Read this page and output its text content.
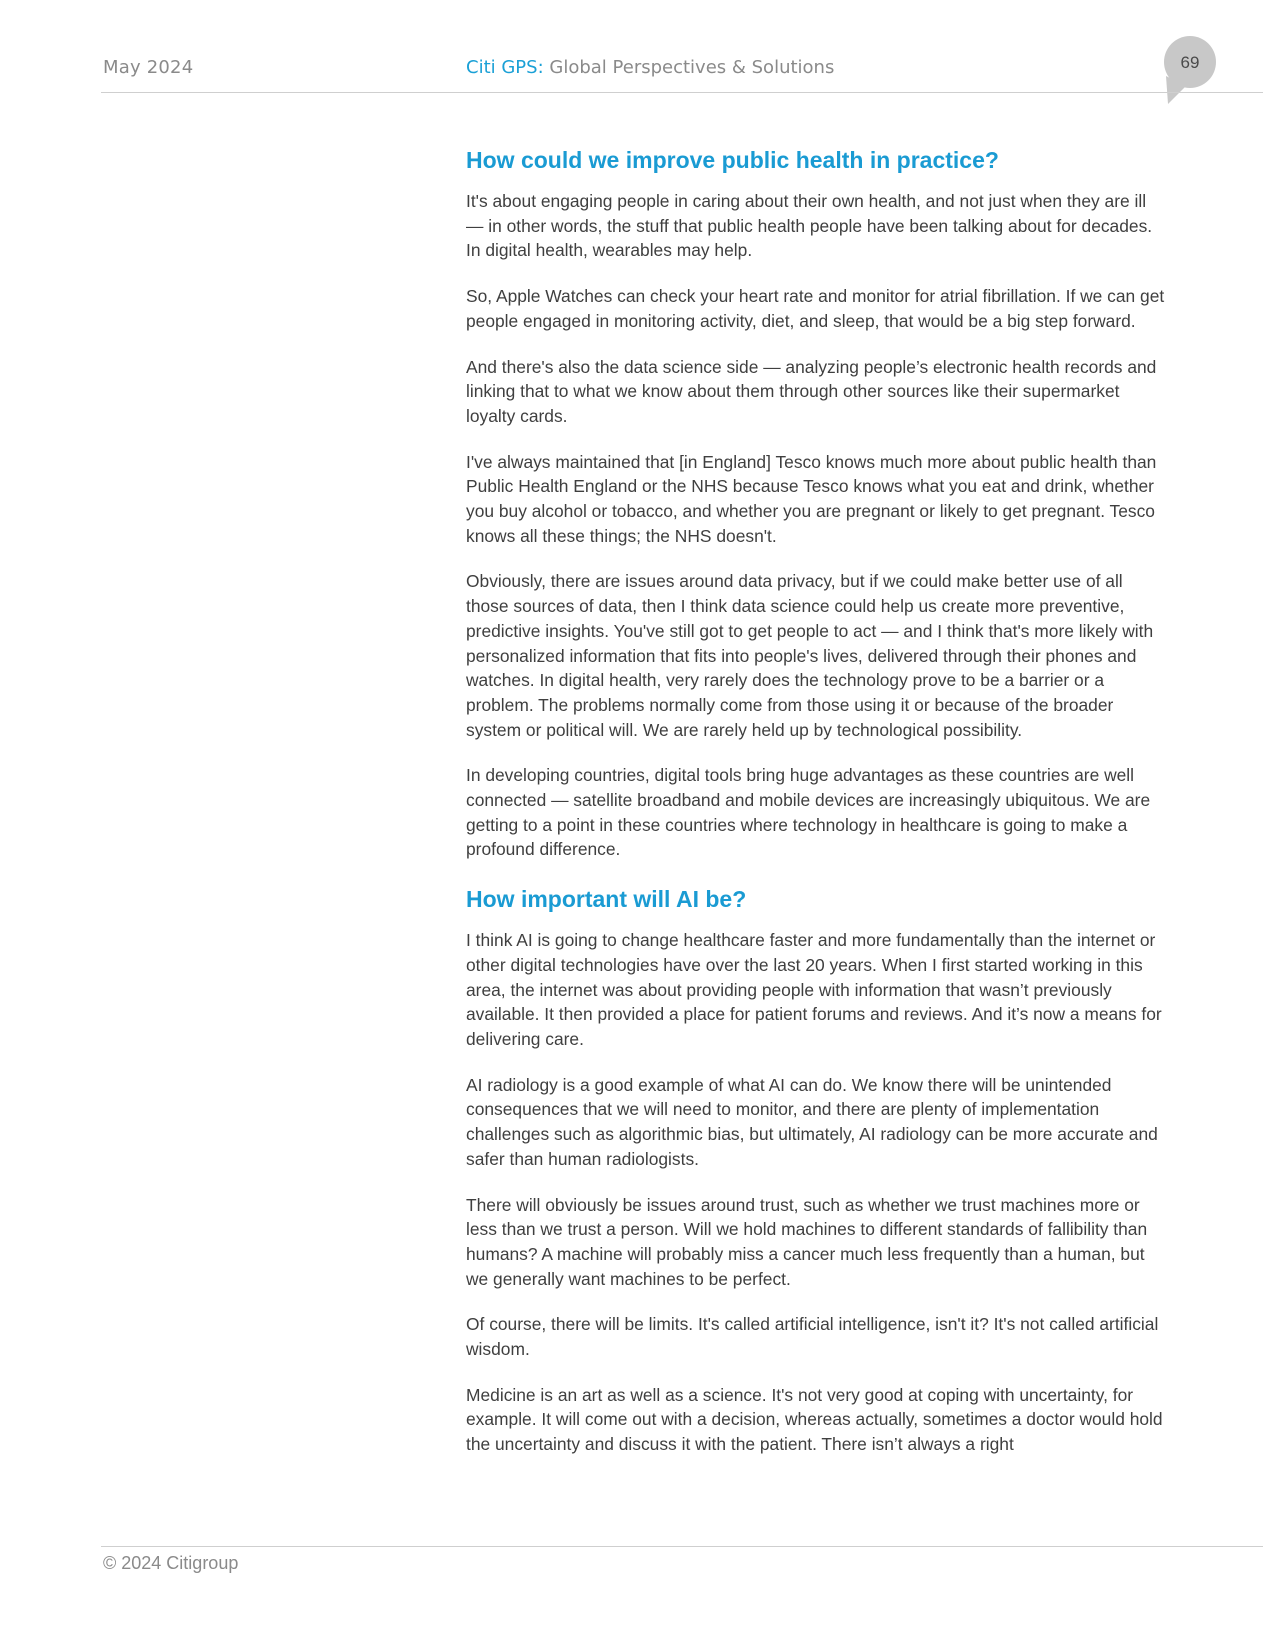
May 2024	Citi GPS: Global Perspectives & Solutions	69
How could we improve public health in practice?

It's about engaging people in caring about their own health, and not just when they are ill — in other words, the stuff that public health people have been talking about for decades. In digital health, wearables may help.

So, Apple Watches can check your heart rate and monitor for atrial fibrillation. If we can get people engaged in monitoring activity, diet, and sleep, that would be a big step forward.

And there's also the data science side — analyzing people’s electronic health records and linking that to what we know about them through other sources like their supermarket loyalty cards.

I've always maintained that [in England] Tesco knows much more about public health than Public Health England or the NHS because Tesco knows what you eat and drink, whether you buy alcohol or tobacco, and whether you are pregnant or likely to get pregnant. Tesco knows all these things; the NHS doesn't.

Obviously, there are issues around data privacy, but if we could make better use of all those sources of data, then I think data science could help us create more preventive, predictive insights. You've still got to get people to act — and I think that's more likely with personalized information that fits into people's lives, delivered through their phones and watches. In digital health, very rarely does the technology prove to be a barrier or a problem. The problems normally come from those using it or because of the broader system or political will. We are rarely held up by technological possibility.

In developing countries, digital tools bring huge advantages as these countries are well connected — satellite broadband and mobile devices are increasingly ubiquitous. We are getting to a point in these countries where technology in healthcare is going to make a profound difference.

How important will AI be?

I think AI is going to change healthcare faster and more fundamentally than the internet or other digital technologies have over the last 20 years. When I first started working in this area, the internet was about providing people with information that wasn’t previously available. It then provided a place for patient forums and reviews. And it’s now a means for delivering care.

AI radiology is a good example of what AI can do. We know there will be unintended consequences that we will need to monitor, and there are plenty of implementation challenges such as algorithmic bias, but ultimately, AI radiology can be more accurate and safer than human radiologists.

There will obviously be issues around trust, such as whether we trust machines more or less than we trust a person. Will we hold machines to different standards of fallibility than humans? A machine will probably miss a cancer much less frequently than a human, but we generally want machines to be perfect.

Of course, there will be limits. It's called artificial intelligence, isn't it? It's not called artificial wisdom.

Medicine is an art as well as a science. It's not very good at coping with uncertainty, for example. It will come out with a decision, whereas actually, sometimes a doctor would hold the uncertainty and discuss it with the patient. There isn’t always a right

© 2024 Citigroup
